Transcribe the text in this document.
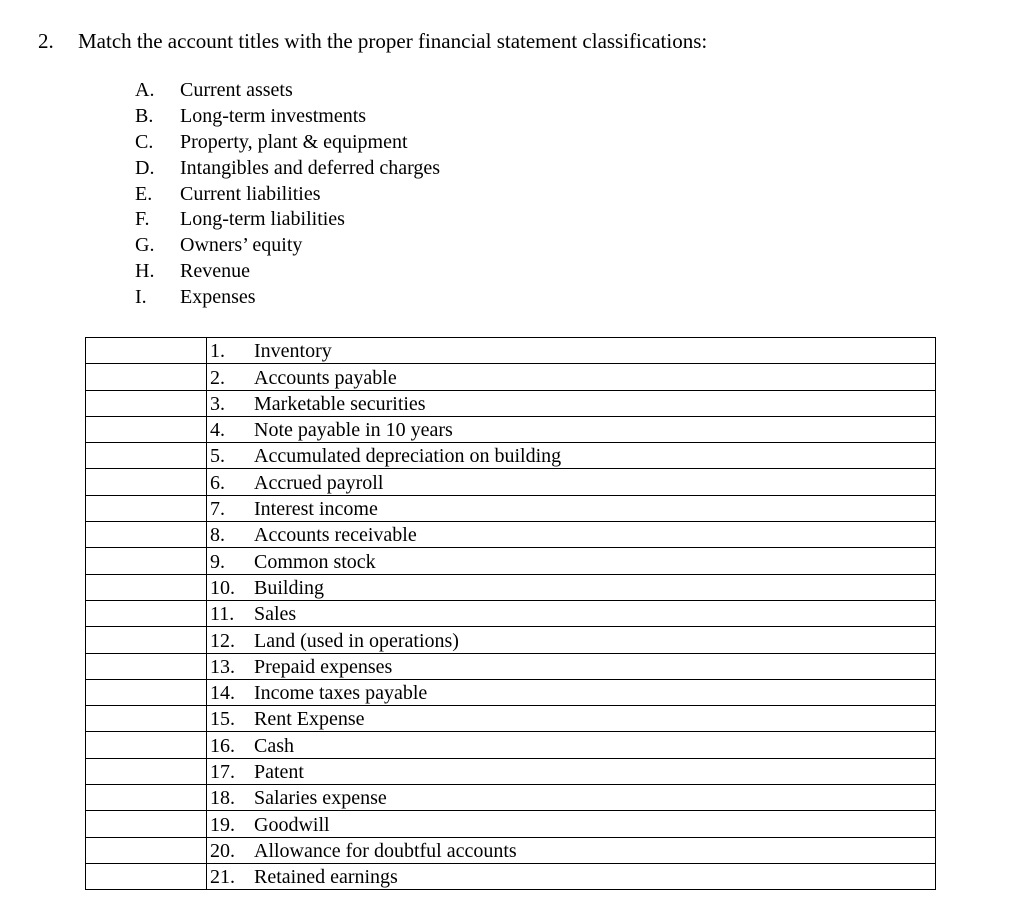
2. Match the account titles with the proper financial statement classifications:
A. Current assets
B. Long-term investments
C. Property, plant & equipment
D. Intangibles and deferred charges
E. Current liabilities
F. Long-term liabilities
G. Owners’ equity
H. Revenue
I. Expenses
	1. Inventory
	2. Accounts payable
	3. Marketable securities
	4. Note payable in 10 years
	5. Accumulated depreciation on building
	6. Accrued payroll
	7. Interest income
	8. Accounts receivable
	9. Common stock
	10. Building
	11. Sales
	12. Land (used in operations)
	13. Prepaid expenses
	14. Income taxes payable
	15. Rent Expense
	16. Cash
	17. Patent
	18. Salaries expense
	19. Goodwill
	20. Allowance for doubtful accounts
	21. Retained earnings
